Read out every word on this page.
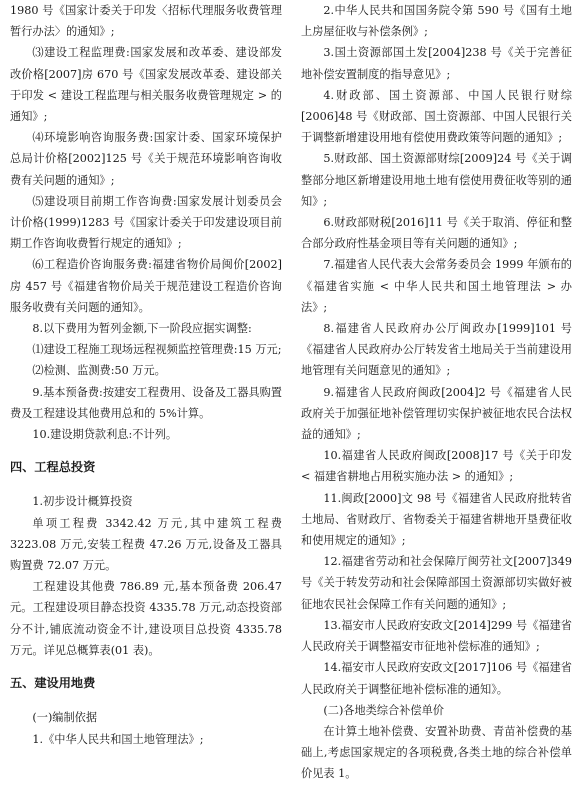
1980 号《国家计委关于印发〈招标代理服务收费管理暂行办法〉的通知》;

⑶建设工程监理费:国家发展和改革委、建设部发改价格[2007]房 670 号《国家发展改革委、建设部关于印发 < 建设工程监理与相关服务收费管理规定 > 的通知》;

⑷环境影响咨询服务费:国家计委、国家环境保护总局计价格[2002]125 号《关于规范环境影响咨询收费有关问题的通知》;

⑸建设项目前期工作咨询费:国家发展计划委员会计价格(1999)1283 号《国家计委关于印发建设项目前期工作咨询收费暂行规定的通知》;

⑹工程造价咨询服务费:福建省物价局闽价[2002]房 457 号《福建省物价局关于规范建设工程造价咨询服务收费有关问题的通知》。

8.以下费用为暂列金额,下一阶段应据实调整:

⑴建设工程施工现场远程视频监控管理费:15 万元;

⑵检测、监测费:50 万元。

9.基本预备费:按建安工程费用、设备及工器具购置费及工程建设其他费用总和的 5%计算。

10.建设期贷款利息:不计列。

四、工程总投资

1.初步设计概算投资

单项工程费 3342.42 万元,其中建筑工程费 3223.08 万元,安装工程费 47.26 万元,设备及工器具购置费 72.07 万元。

工程建设其他费 786.89 元,基本预备费 206.47 元。工程建设项目静态投资 4335.78 万元,动态投资部分不计,铺底流动资金不计,建设项目总投资 4335.78 万元。详见总概算表(01 表)。

五、建设用地费

(一)编制依据

1.《中华人民共和国土地管理法》;

2.中华人民共和国国务院令第 590 号《国有土地上房屋征收与补偿条例》;

3.国土资源部国土发[2004]238 号《关于完善征地补偿安置制度的指导意见》;

4.财政部、国土资源部、中国人民银行财综[2006]48 号《财政部、国土资源部、中国人民银行关于调整新增建设用地有偿使用费政策等问题的通知》;

5.财政部、国土资源部财综[2009]24 号《关于调整部分地区新增建设用地土地有偿使用费征收等别的通知》;

6.财政部财税[2016]11 号《关于取消、停征和整合部分政府性基金项目等有关问题的通知》;

7.福建省人民代表大会常务委员会 1999 年颁布的《福建省实施 < 中华人民共和国土地管理法 > 办法》;

8.福建省人民政府办公厅闽政办[1999]101 号《福建省人民政府办公厅转发省土地局关于当前建设用地管理有关问题意见的通知》;

9.福建省人民政府闽政[2004]2 号《福建省人民政府关于加强征地补偿管理切实保护被征地农民合法权益的通知》;

10.福建省人民政府闽政[2008]17 号《关于印发 < 福建省耕地占用税实施办法 > 的通知》;

11.闽政[2000]文 98 号《福建省人民政府批转省土地局、省财政厅、省物委关于福建省耕地开垦费征收和使用规定的通知》;

12.福建省劳动和社会保障厅闽劳社文[2007]349 号《关于转发劳动和社会保障部国土资源部切实做好被征地农民社会保障工作有关问题的通知》;

13.福安市人民政府安政文[2014]299 号《福建省人民政府关于调整福安市征地补偿标准的通知》;

14.福安市人民政府安政文[2017]106 号《福建省人民政府关于调整征地补偿标准的通知》。

(二)各地类综合补偿单价

在计算土地补偿费、安置补助费、青苗补偿费的基础上,考虑国家规定的各项税费,各类土地的综合补偿单价见表 1。
